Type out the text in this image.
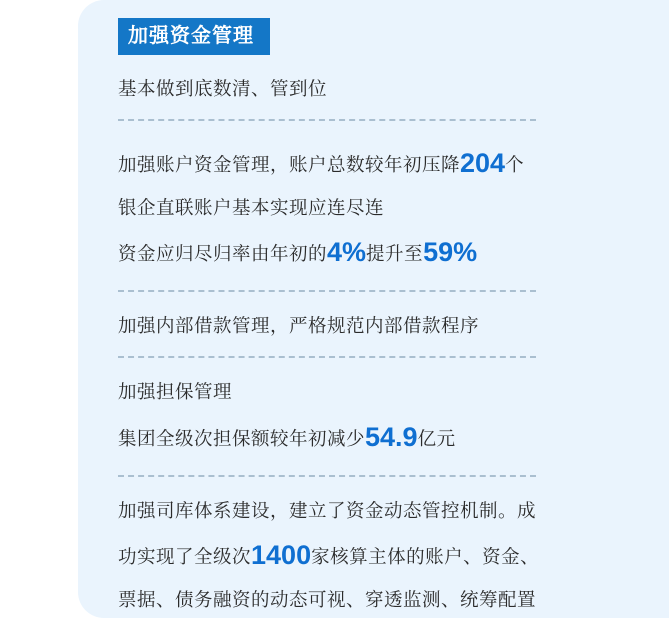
加强资金管理

基本做到底数清、管到位

加强账户资金管理，账户总数较年初压降204个

银企直联账户基本实现应连尽连

资金应归尽归率由年初的4%提升至59%

加强内部借款管理，严格规范内部借款程序

加强担保管理

集团全级次担保额较年初减少54.9亿元

加强司库体系建设，建立了资金动态管控机制。成

功实现了全级次1400家核算主体的账户、资金、

票据、债务融资的动态可视、穿透监测、统筹配置
